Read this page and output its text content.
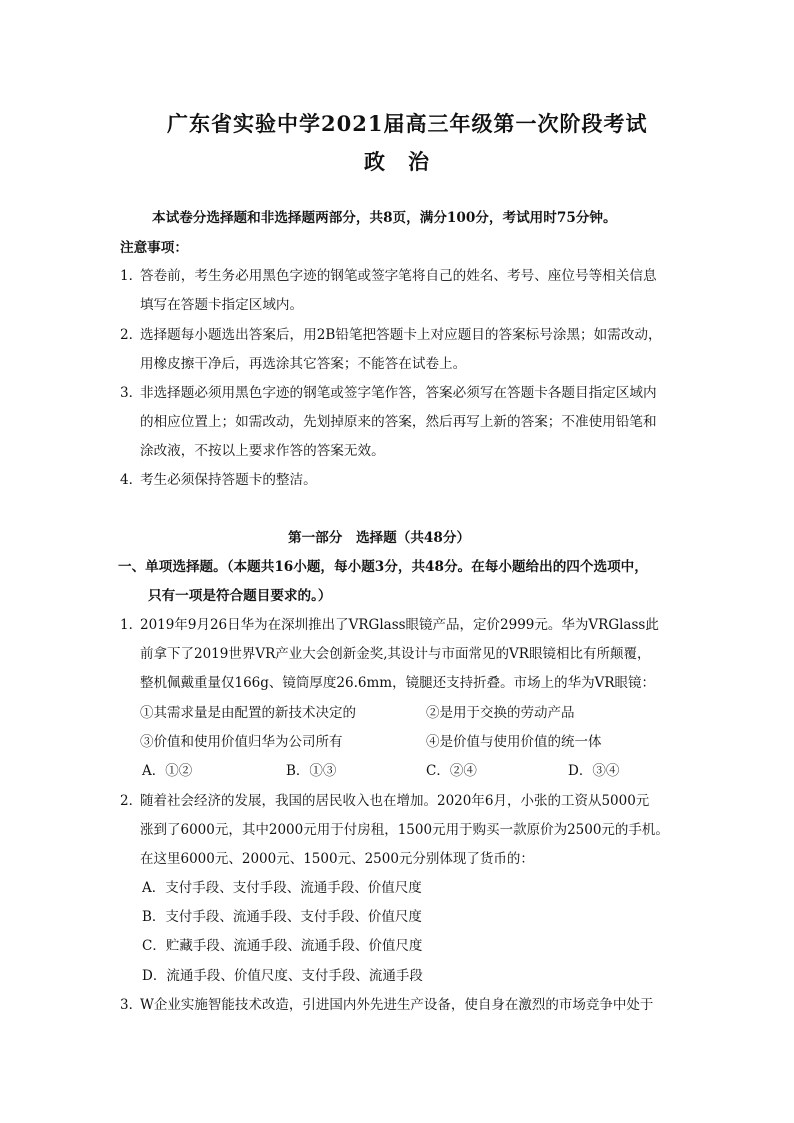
广东省实验中学2021届高三年级第一次阶段考试
政 治
本试卷分选择题和非选择题两部分，共8页，满分100分，考试用时75分钟。
注意事项：
1．
答卷前，考生务必用黑色字迹的钢笔或签字笔将自己的姓名、考号、座位号等相关信息
填写在答题卡指定区域内。
2．
选择题每小题选出答案后，用2B铅笔把答题卡上对应题目的答案标号涂黑；如需改动，
用橡皮擦干净后，再选涂其它答案；不能答在试卷上。
3．
非选择题必须用黑色字迹的钢笔或签字笔作答，答案必须写在答题卡各题目指定区域内
的相应位置上；如需改动，先划掉原来的答案，然后再写上新的答案；不准使用铅笔和
涂改液，不按以上要求作答的答案无效。
4．
考生必须保持答题卡的整洁。
第一部分　选择题（共48分）
一、单项选择题。（本题共16小题，每小题3分，共48分。在每小题给出的四个选项中，
只有一项是符合题目要求的。）
1．
2019年9月26日华为在深圳推出了VRGlass眼镜产品，定价2999元。华为VRGlass此
前拿下了2019世界VR产业大会创新金奖,其设计与市面常见的VR眼镜相比有所颠覆，
整机佩戴重量仅166g、镜筒厚度26.6mm，镜腿还支持折叠。市场上的华为VR眼镜：
①其需求量是由配置的新技术决定的	②是用于交换的劳动产品
③价值和使用价值归华为公司所有	④是价值与使用价值的统一体
A．①②	B．①③	C．②④	D．③④
2．
随着社会经济的发展，我国的居民收入也在增加。2020年6月，小张的工资从5000元
涨到了6000元，其中2000元用于付房租，1500元用于购买一款原价为2500元的手机。
在这里6000元、2000元、1500元、2500元分别体现了货币的：
A．支付手段、支付手段、流通手段、价值尺度
B．支付手段、流通手段、支付手段、价值尺度
C．贮藏手段、流通手段、流通手段、价值尺度
D．流通手段、价值尺度、支付手段、流通手段
3．
W企业实施智能技术改造，引进国内外先进生产设备，使自身在激烈的市场竞争中处于
